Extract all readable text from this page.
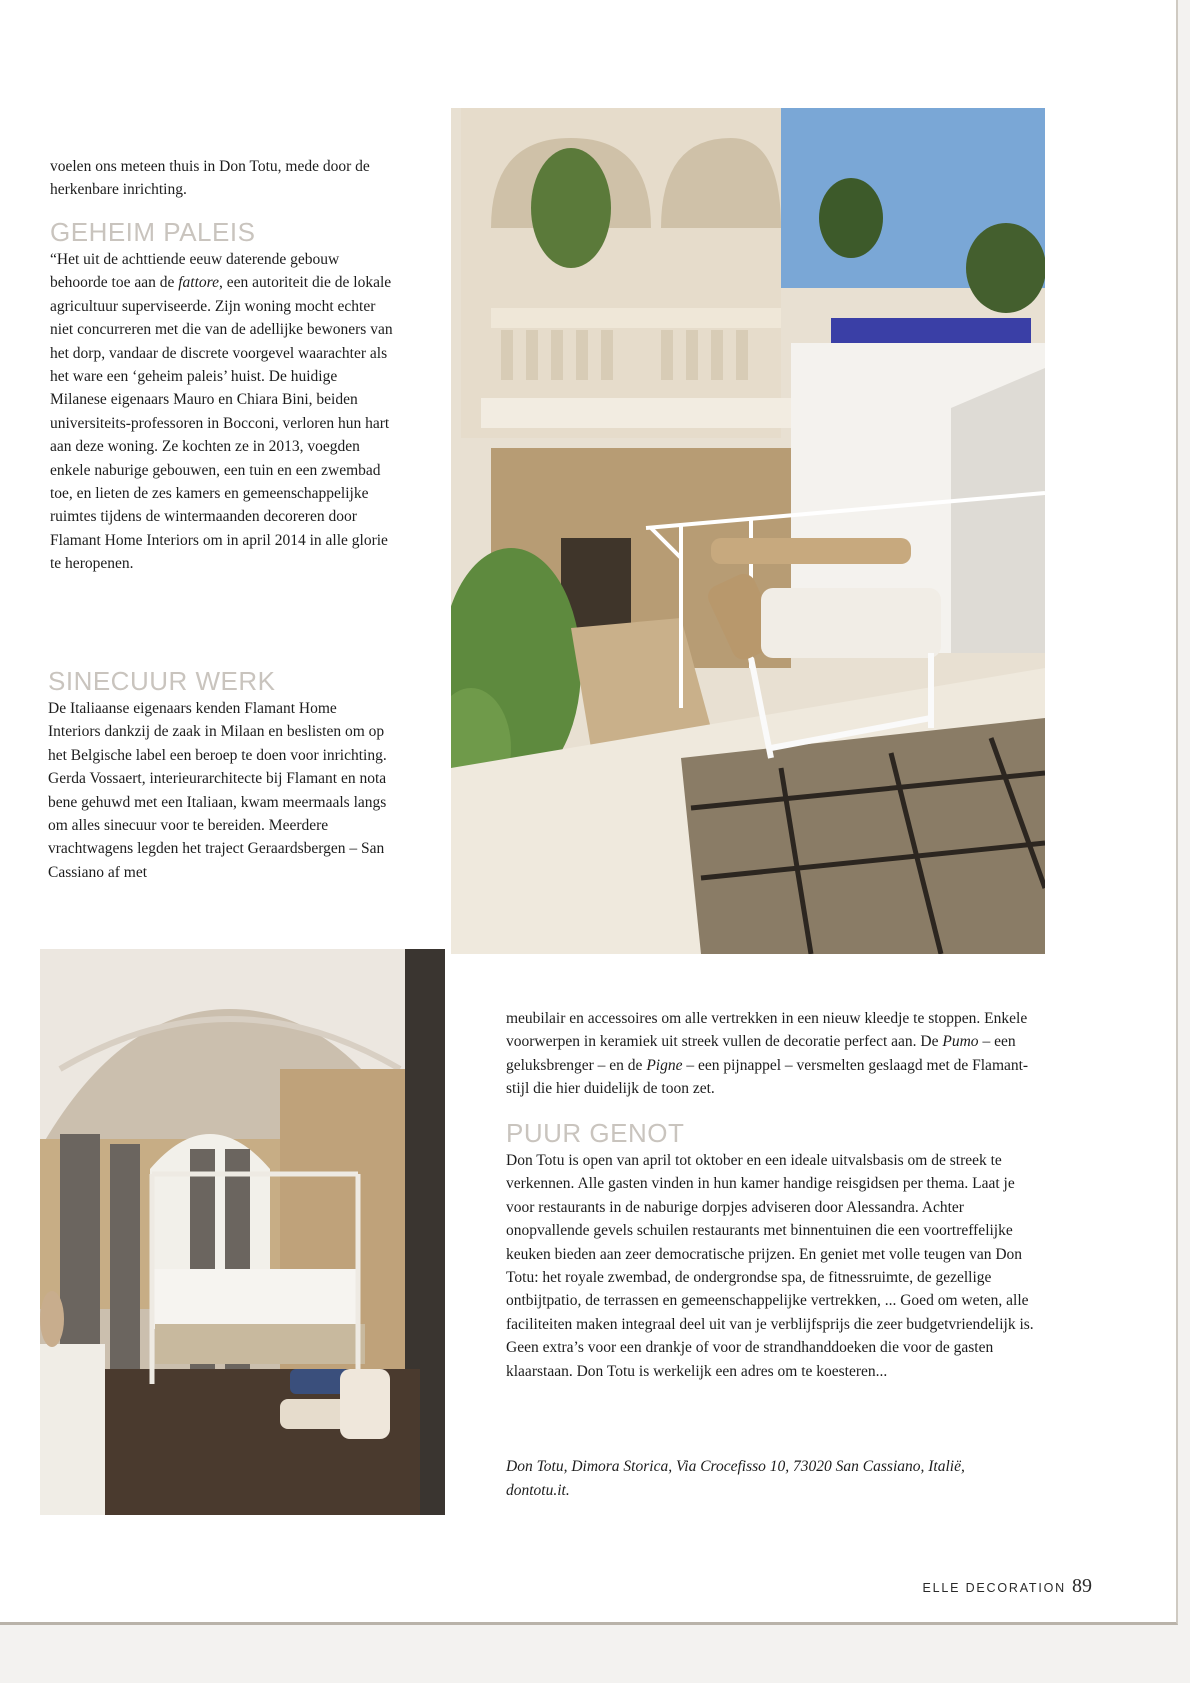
voelen ons meteen thuis in Don Totu, mede door de herkenbare inrichting.

GEHEIM PALEIS

“Het uit de achttiende eeuw daterende gebouw behoorde toe aan de fattore, een autoriteit die de lokale agricultuur superviseerde. Zijn woning mocht echter niet concurreren met die van de adellijke bewoners van het dorp, vandaar de discrete voorgevel waarachter als het ware een ‘geheim paleis’ huist. De huidige Milanese eigenaars Mauro en Chiara Bini, beiden universiteits-professoren in Bocconi, verloren hun hart aan deze woning. Ze kochten ze in 2013, voegden enkele naburige gebouwen, een tuin en een zwembad toe, en lieten de zes kamers en gemeenschappelijke ruimtes tijdens de wintermaanden decoreren door Flamant Home Interiors om in april 2014 in alle glorie te heropenen.

SINECUUR WERK

De Italiaanse eigenaars kenden Flamant Home Interiors dankzij de zaak in Milaan en beslisten om op het Belgische label een beroep te doen voor inrichting. Gerda Vossaert, interieurarchitecte bij Flamant en nota bene gehuwd met een Italiaan, kwam meermaals langs om alles sinecuur voor te bereiden. Meerdere vrachtwagens legden het traject Geraardsbergen – San Cassiano af met

meubilair en accessoires om alle vertrekken in een nieuw kleedje te stoppen. Enkele voorwerpen in keramiek uit streek vullen de decoratie perfect aan. De Pumo – een geluksbrenger – en de Pigne – een pijnappel – versmelten geslaagd met de Flamant-stijl die hier duidelijk de toon zet.

PUUR GENOT

Don Totu is open van april tot oktober en een ideale uitvalsbasis om de streek te verkennen. Alle gasten vinden in hun kamer handige reisgidsen per thema. Laat je voor restaurants in de naburige dorpjes adviseren door Alessandra. Achter onopvallende gevels schuilen restaurants met binnentuinen die een voortreffelijke keuken bieden aan zeer democratische prijzen. En geniet met volle teugen van Don Totu: het royale zwembad, de ondergrondse spa, de fitnessruimte, de gezellige ontbijtpatio, de terrassen en gemeenschappelijke vertrekken, ... Goed om weten, alle faciliteiten maken integraal deel uit van je verblijfsprijs die zeer budgetvriendelijk is. Geen extra’s voor een drankje of voor de strandhanddoeken die voor de gasten klaarstaan. Don Totu is werkelijk een adres om te koesteren...

Don Totu, Dimora Storica, Via Crocefisso 10, 73020 San Cassiano, Italië, dontotu.it.

ELLE DECORATION 89
